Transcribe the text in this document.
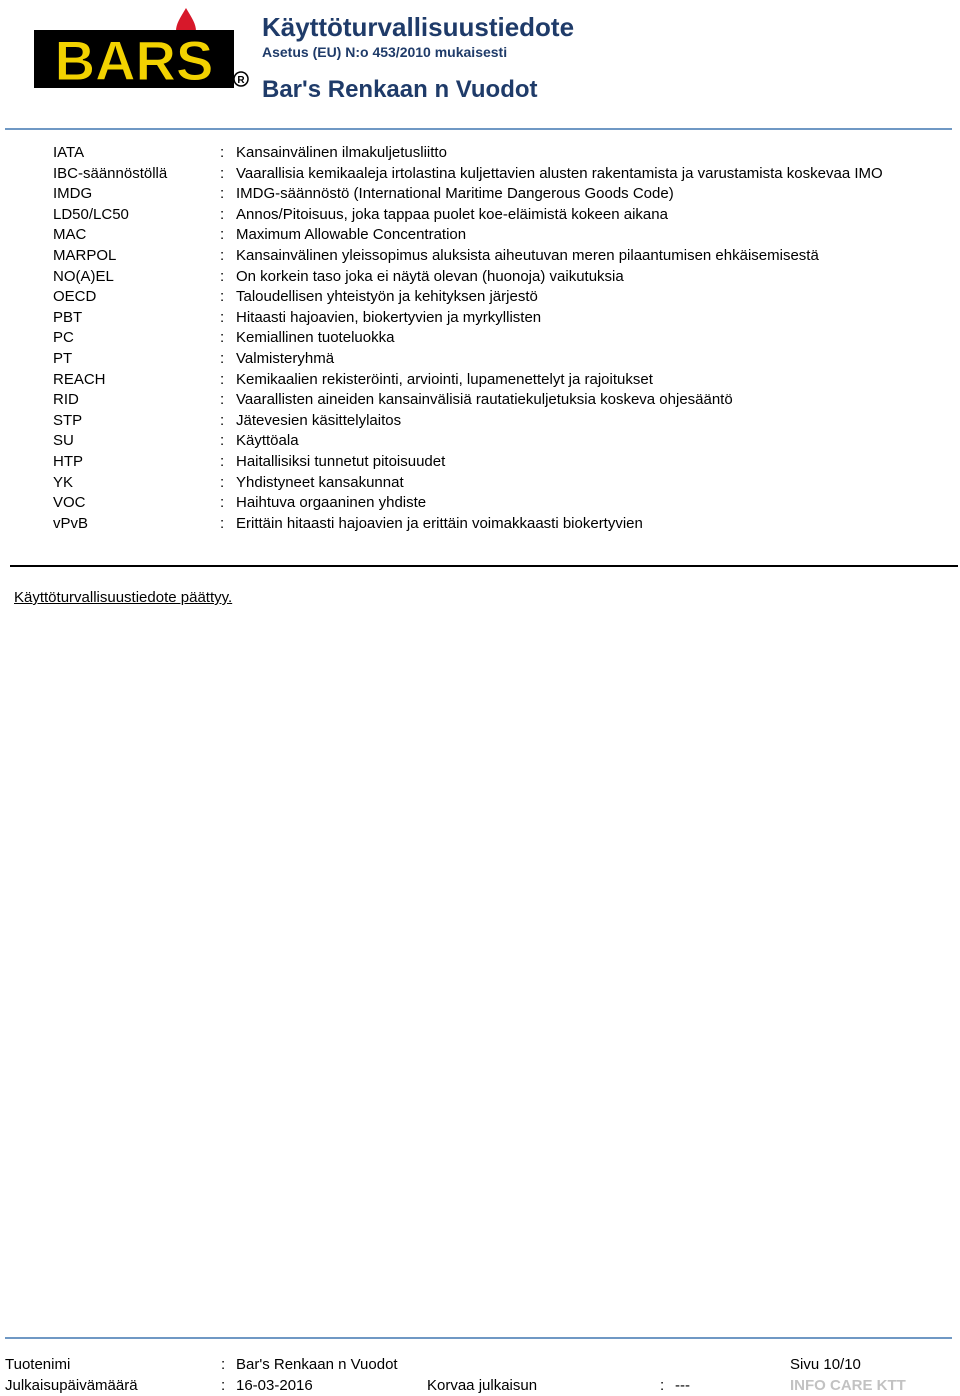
BARS R
Käyttöturvallisuustiedote
Asetus (EU) N:o 453/2010 mukaisesti
Bar's Renkaan n Vuodot
IATA	: Kansainvälinen ilmakuljetusliitto
IBC-säännöstöllä	: Vaarallisia kemikaaleja irtolastina kuljettavien alusten rakentamista ja varustamista koskevaa IMO
IMDG	: IMDG-säännöstö (International Maritime Dangerous Goods Code)
LD50/LC50	: Annos/Pitoisuus, joka tappaa puolet koe-eläimistä kokeen aikana
MAC	: Maximum Allowable Concentration
MARPOL	: Kansainvälinen yleissopimus aluksista aiheutuvan meren pilaantumisen ehkäisemisestä
NO(A)EL	: On korkein taso joka ei näytä olevan (huonoja) vaikutuksia
OECD	: Taloudellisen yhteistyön ja kehityksen järjestö
PBT	: Hitaasti hajoavien, biokertyvien ja myrkyllisten
PC	: Kemiallinen tuoteluokka
PT	: Valmisteryhmä
REACH	: Kemikaalien rekisteröinti, arviointi, lupamenettelyt ja rajoitukset
RID	: Vaarallisten aineiden kansainvälisiä rautatiekuljetuksia koskeva ohjesääntö
STP	: Jätevesien käsittelylaitos
SU	: Käyttöala
HTP	: Haitallisiksi tunnetut pitoisuudet
YK	: Yhdistyneet kansakunnat
VOC	: Haihtuva orgaaninen yhdiste
vPvB	: Erittäin hitaasti hajoavien ja erittäin voimakkaasti biokertyvien
Käyttöturvallisuustiedote päättyy.
Tuotenimi	: Bar's Renkaan n Vuodot	Sivu 10/10
Julkaisupäivämäärä	: 16-03-2016	Korvaa julkaisun	: ---	INFO CARE KTT
